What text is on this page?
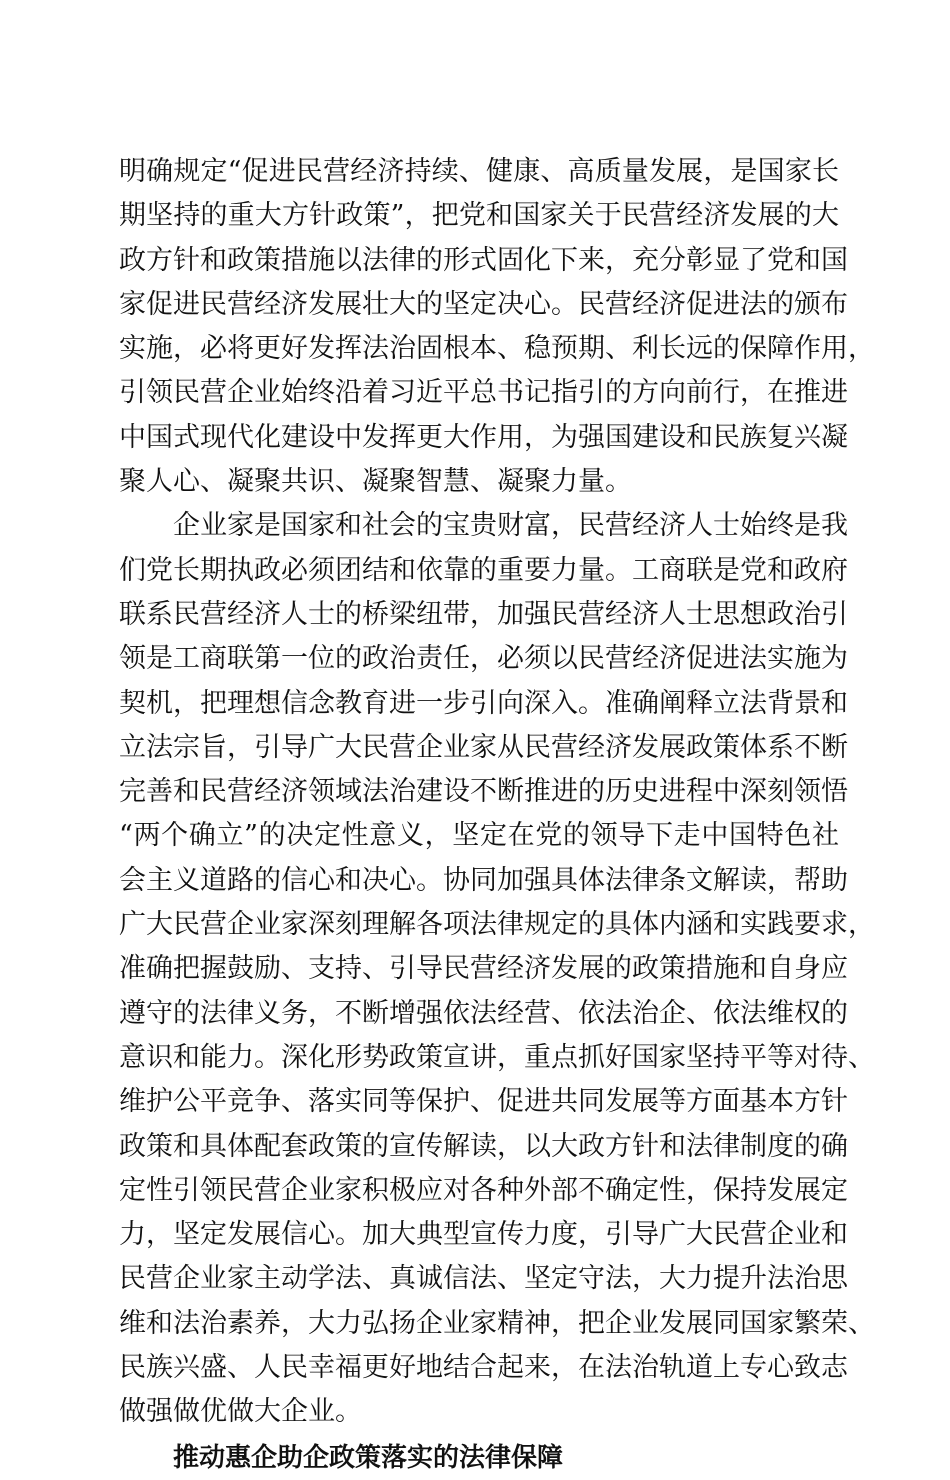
明确规定“促进民营经济持续、健康、高质量发展，是国家长
期坚持的重大方针政策”，把党和国家关于民营经济发展的大
政方针和政策措施以法律的形式固化下来，充分彰显了党和国
家促进民营经济发展壮大的坚定决心。民营经济促进法的颁布
实施，必将更好发挥法治固根本、稳预期、利长远的保障作用，
引领民营企业始终沿着习近平总书记指引的方向前行，在推进
中国式现代化建设中发挥更大作用，为强国建设和民族复兴凝
聚人心、凝聚共识、凝聚智慧、凝聚力量。
企业家是国家和社会的宝贵财富，民营经济人士始终是我
们党长期执政必须团结和依靠的重要力量。工商联是党和政府
联系民营经济人士的桥梁纽带，加强民营经济人士思想政治引
领是工商联第一位的政治责任，必须以民营经济促进法实施为
契机，把理想信念教育进一步引向深入。准确阐释立法背景和
立法宗旨，引导广大民营企业家从民营经济发展政策体系不断
完善和民营经济领域法治建设不断推进的历史进程中深刻领悟
“两个确立”的决定性意义，坚定在党的领导下走中国特色社
会主义道路的信心和决心。协同加强具体法律条文解读，帮助
广大民营企业家深刻理解各项法律规定的具体内涵和实践要求，
准确把握鼓励、支持、引导民营经济发展的政策措施和自身应
遵守的法律义务，不断增强依法经营、依法治企、依法维权的
意识和能力。深化形势政策宣讲，重点抓好国家坚持平等对待、
维护公平竞争、落实同等保护、促进共同发展等方面基本方针
政策和具体配套政策的宣传解读，以大政方针和法律制度的确
定性引领民营企业家积极应对各种外部不确定性，保持发展定
力，坚定发展信心。加大典型宣传力度，引导广大民营企业和
民营企业家主动学法、真诚信法、坚定守法，大力提升法治思
维和法治素养，大力弘扬企业家精神，把企业发展同国家繁荣、
民族兴盛、人民幸福更好地结合起来，在法治轨道上专心致志
做强做优做大企业。
推动惠企助企政策落实的法律保障
